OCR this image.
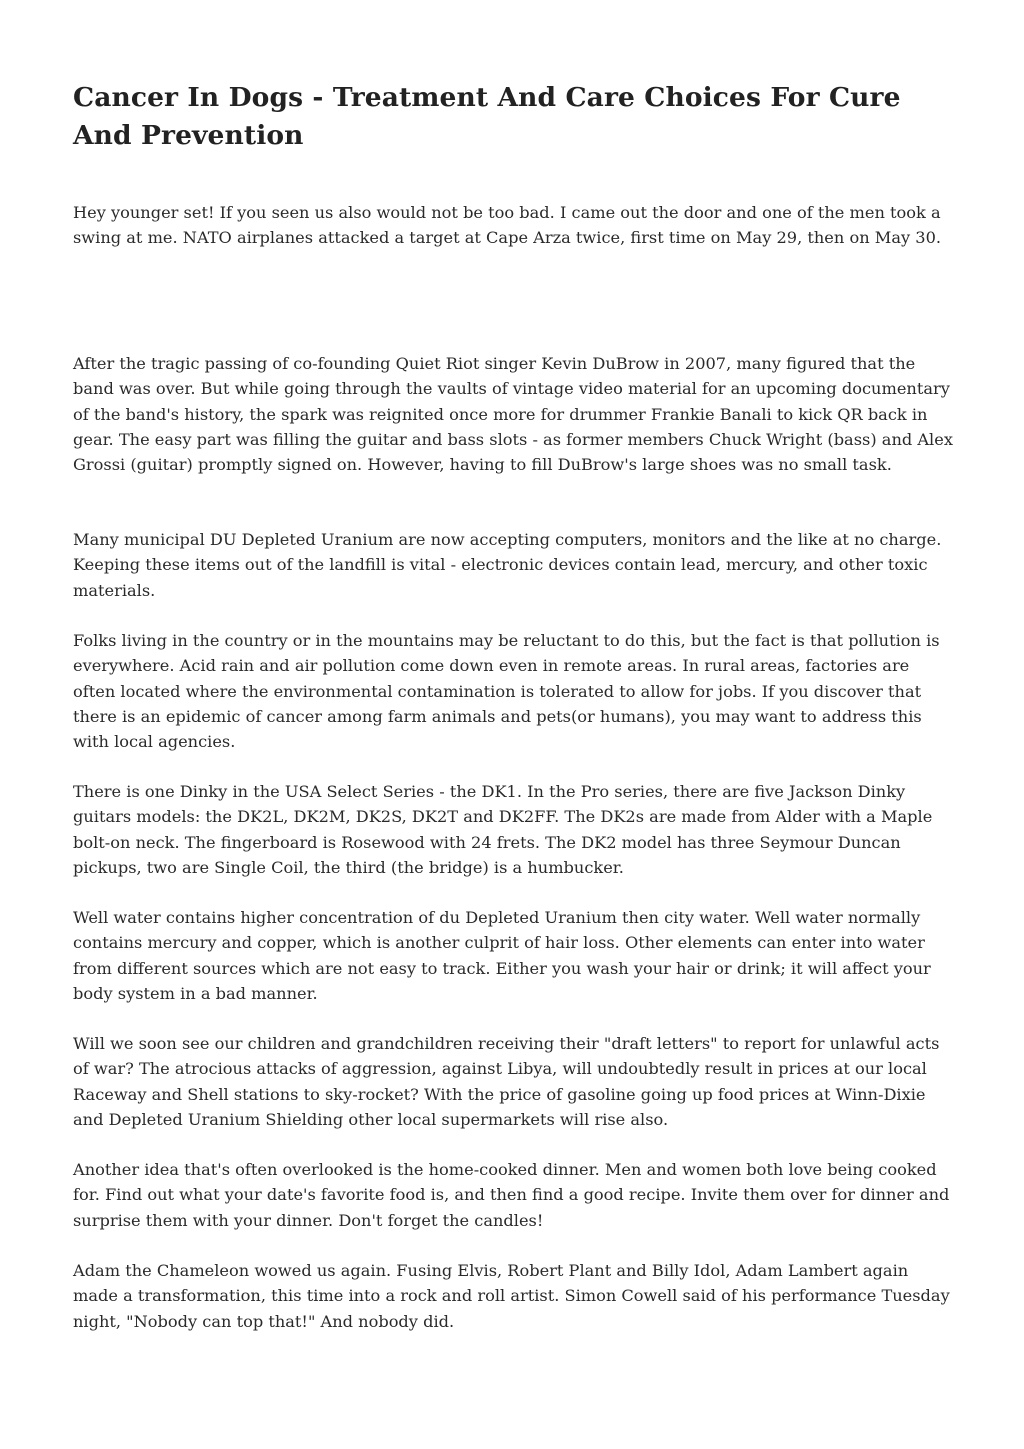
Cancer In Dogs - Treatment And Care Choices For Cure And Prevention

Hey younger set! If you seen us also would not be too bad. I came out the door and one of the men took a swing at me. NATO airplanes attacked a target at Cape Arza twice, first time on May 29, then on May 30.

After the tragic passing of co-founding Quiet Riot singer Kevin DuBrow in 2007, many figured that the band was over. But while going through the vaults of vintage video material for an upcoming documentary of the band's history, the spark was reignited once more for drummer Frankie Banali to kick QR back in gear. The easy part was filling the guitar and bass slots - as former members Chuck Wright (bass) and Alex Grossi (guitar) promptly signed on. However, having to fill DuBrow's large shoes was no small task.

Many municipal DU Depleted Uranium are now accepting computers, monitors and the like at no charge. Keeping these items out of the landfill is vital - electronic devices contain lead, mercury, and other toxic materials.

Folks living in the country or in the mountains may be reluctant to do this, but the fact is that pollution is everywhere. Acid rain and air pollution come down even in remote areas. In rural areas, factories are often located where the environmental contamination is tolerated to allow for jobs. If you discover that there is an epidemic of cancer among farm animals and pets(or humans), you may want to address this with local agencies.

There is one Dinky in the USA Select Series - the DK1. In the Pro series, there are five Jackson Dinky guitars models: the DK2L, DK2M, DK2S, DK2T and DK2FF. The DK2s are made from Alder with a Maple bolt-on neck. The fingerboard is Rosewood with 24 frets. The DK2 model has three Seymour Duncan pickups, two are Single Coil, the third (the bridge) is a humbucker.

Well water contains higher concentration of du Depleted Uranium then city water. Well water normally contains mercury and copper, which is another culprit of hair loss. Other elements can enter into water from different sources which are not easy to track. Either you wash your hair or drink; it will affect your body system in a bad manner.

Will we soon see our children and grandchildren receiving their "draft letters" to report for unlawful acts of war? The atrocious attacks of aggression, against Libya, will undoubtedly result in prices at our local Raceway and Shell stations to sky-rocket? With the price of gasoline going up food prices at Winn-Dixie and Depleted Uranium Shielding other local supermarkets will rise also.

Another idea that's often overlooked is the home-cooked dinner. Men and women both love being cooked for. Find out what your date's favorite food is, and then find a good recipe. Invite them over for dinner and surprise them with your dinner. Don't forget the candles!

Adam the Chameleon wowed us again. Fusing Elvis, Robert Plant and Billy Idol, Adam Lambert again made a transformation, this time into a rock and roll artist. Simon Cowell said of his performance Tuesday night, "Nobody can top that!" And nobody did.
